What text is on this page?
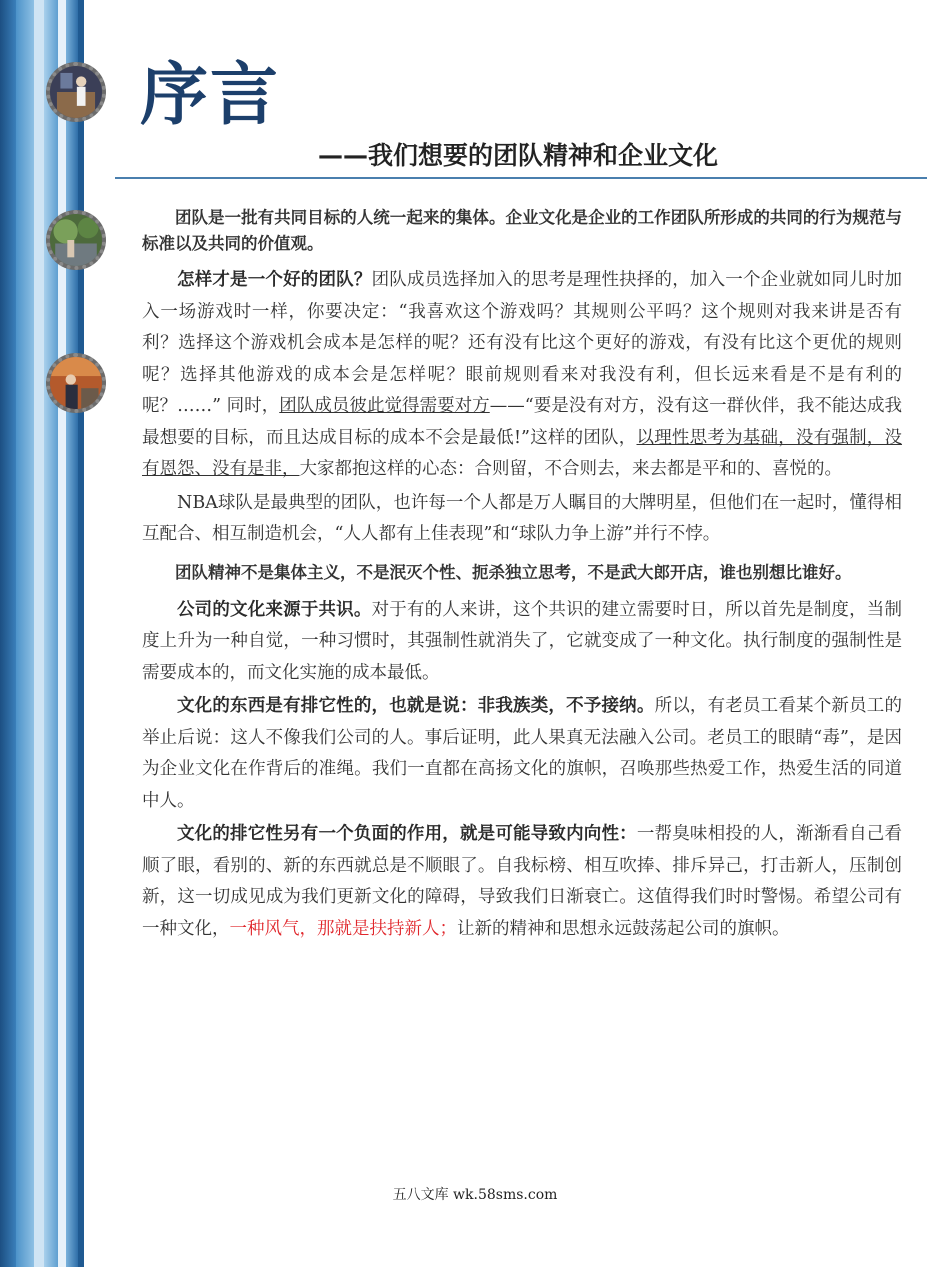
序言
——我们想要的团队精神和企业文化

团队是一批有共同目标的人统一起来的集体。企业文化是企业的工作团队所形成的共同的行为规范与标准以及共同的价值观。

怎样才是一个好的团队？团队成员选择加入的思考是理性抉择的，加入一个企业就如同儿时加入一场游戏时一样，你要决定：“我喜欢这个游戏吗？其规则公平吗？这个规则对我来讲是否有利？选择这个游戏机会成本是怎样的呢？还有没有比这个更好的游戏，有没有比这个更优的规则呢？选择其他游戏的成本会是怎样呢？眼前规则看来对我没有利，但长远来看是不是有利的呢？……” 同时，团队成员彼此觉得需要对方——“要是没有对方，没有这一群伙伴，我不能达成我最想要的目标，而且达成目标的成本不会是最低!”这样的团队，以理性思考为基础，没有强制，没有恩怨、没有是非，大家都抱这样的心态：合则留，不合则去，来去都是平和的、喜悦的。

NBA球队是最典型的团队，也许每一个人都是万人瞩目的大牌明星，但他们在一起时，懂得相互配合、相互制造机会，“人人都有上佳表现”和“球队力争上游”并行不悖。

团队精神不是集体主义，不是泯灭个性、扼杀独立思考，不是武大郎开店，谁也别想比谁好。

公司的文化来源于共识。对于有的人来讲，这个共识的建立需要时日，所以首先是制度，当制度上升为一种自觉，一种习惯时，其强制性就消失了，它就变成了一种文化。执行制度的强制性是需要成本的，而文化实施的成本最低。

文化的东西是有排它性的，也就是说：非我族类，不予接纳。所以，有老员工看某个新员工的举止后说：这人不像我们公司的人。事后证明，此人果真无法融入公司。老员工的眼睛“毒”，是因为企业文化在作背后的准绳。我们一直都在高扬文化的旗帜，召唤那些热爱工作，热爱生活的同道中人。

文化的排它性另有一个负面的作用，就是可能导致内向性：一帮臭味相投的人，渐渐看自己看顺了眼，看别的、新的东西就总是不顺眼了。自我标榜、相互吹捧、排斥异己，打击新人，压制创新，这一切成见成为我们更新文化的障碍，导致我们日渐衰亡。这值得我们时时警惕。希望公司有一种文化，一种风气，那就是扶持新人；让新的精神和思想永远鼓荡起公司的旗帜。

五八文库 wk.58sms.com
